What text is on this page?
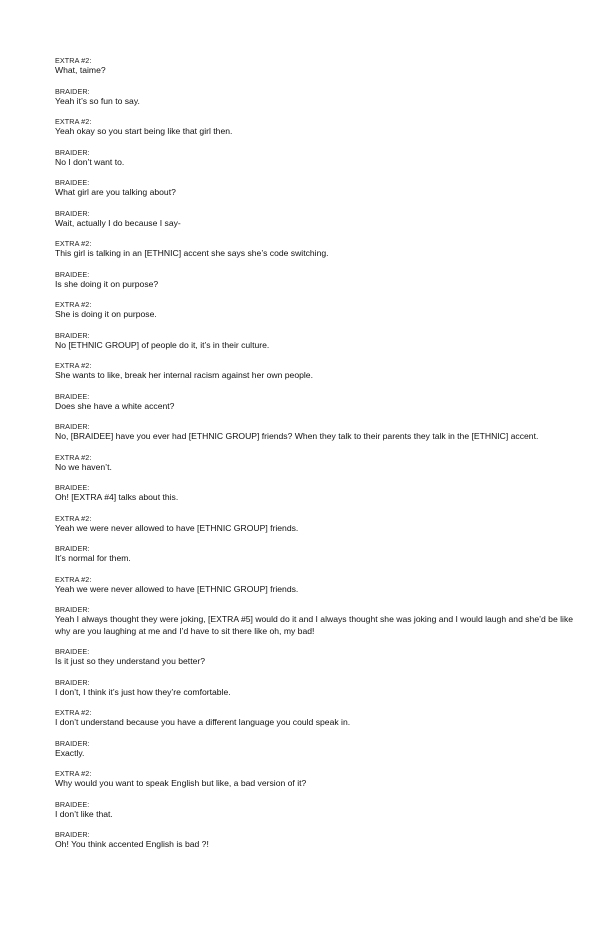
EXTRA #2:
What, taime?
BRAIDER:
Yeah it’s so fun to say.
EXTRA #2:
Yeah okay so you start being like that girl then.
BRAIDER:
No I don’t want to.
BRAIDEE:
What girl are you talking about?
BRAIDER:
Wait, actually I do because I say-
EXTRA #2:
This girl is talking in an [ETHNIC] accent she says she’s code switching.
BRAIDEE:
Is she doing it on purpose?
EXTRA #2:
She is doing it on purpose.
BRAIDER:
No [ETHNIC GROUP] of people do it, it’s in their culture.
EXTRA #2:
She wants to like, break her internal racism against her own people.
BRAIDEE:
Does she have a white accent?
BRAIDER:
No, [BRAIDEE] have you ever had [ETHNIC GROUP] friends? When they talk to their parents they talk in the [ETHNIC] accent.
EXTRA #2:
No we haven’t.
BRAIDEE:
Oh! [EXTRA #4] talks about this.
EXTRA #2:
Yeah we were never allowed to have [ETHNIC GROUP] friends.
BRAIDER:
It’s normal for them.
EXTRA #2:
Yeah we were never allowed to have [ETHNIC GROUP] friends.
BRAIDER:
Yeah I always thought they were joking, [EXTRA #5] would do it and I always thought she was joking and I would laugh and she’d be like why are you laughing at me and I’d have to sit there like oh, my bad!
BRAIDEE:
Is it just so they understand you better?
BRAIDER:
I don’t, I think it’s just how they’re comfortable.
EXTRA #2:
I don’t understand because you have a different language you could speak in.
BRAIDER:
Exactly.
EXTRA #2:
Why would you want to speak English but like, a bad version of it?
BRAIDEE:
I don’t like that.
BRAIDER:
Oh! You think accented English is bad ?!
